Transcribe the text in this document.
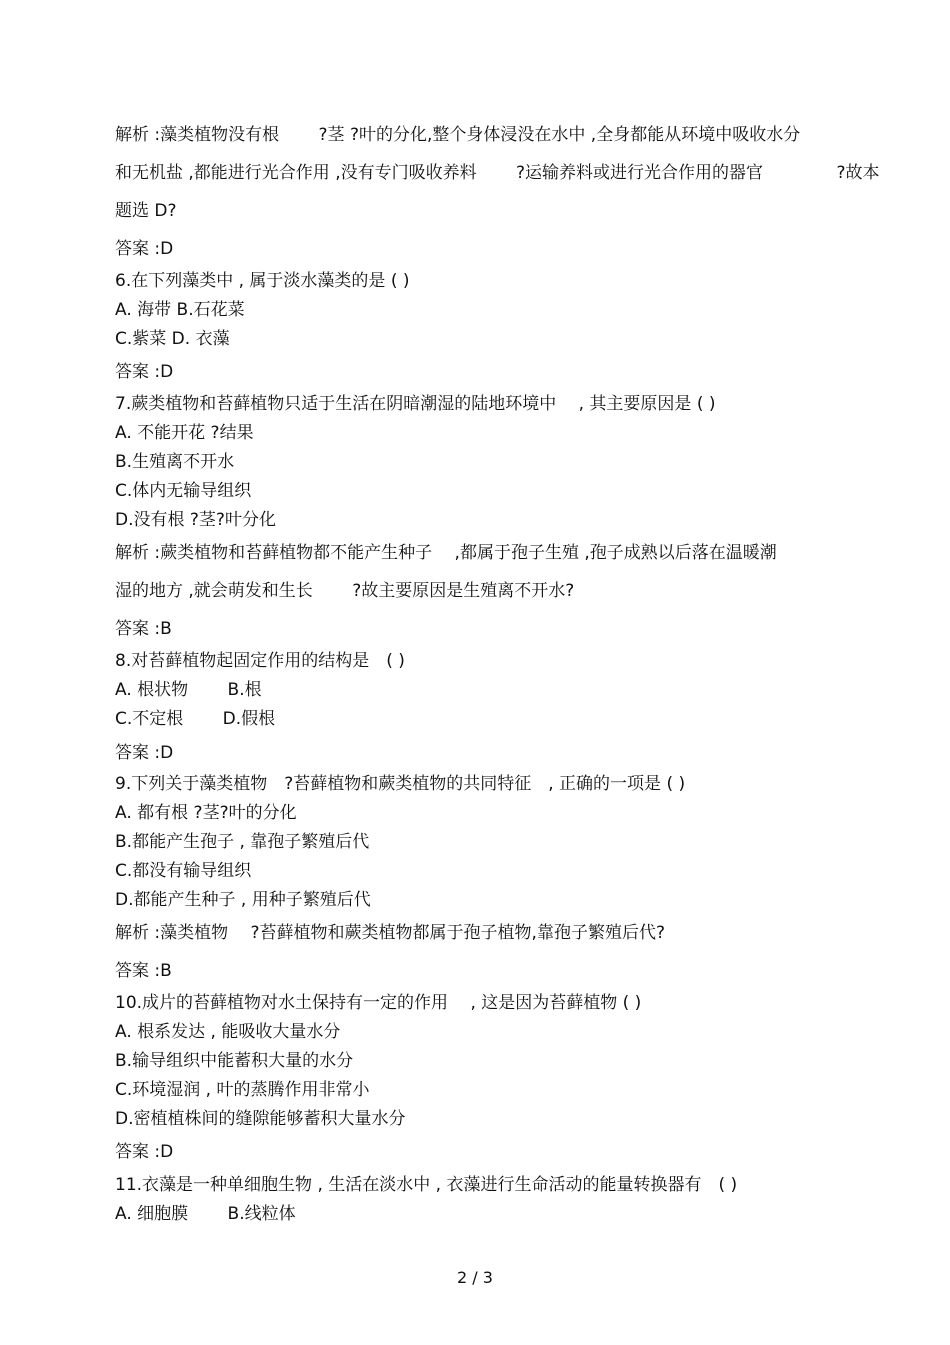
解析 :藻类植物没有根　　 ?茎 ?叶的分化,整个身体浸没在水中 ,全身都能从环境中吸收水分
和无机盐 ,都能进行光合作用 ,没有专门吸收养料　　 ?运输养料或进行光合作用的器官　　　　 ?故本
题选 D?
答案 :D
6.在下列藻类中 , 属于淡水藻类的是 ( )
A. 海带 B.石花菜
C.紫菜 D. 衣藻
答案 :D
7.蕨类植物和苔藓植物只适于生活在阴暗潮湿的陆地环境中　 , 其主要原因是 ( )
A. 不能开花 ?结果
B.生殖离不开水
C.体内无输导组织
D.没有根 ?茎?叶分化
解析 :蕨类植物和苔藓植物都不能产生种子　 ,都属于孢子生殖 ,孢子成熟以后落在温暖潮
湿的地方 ,就会萌发和生长　　 ?故主要原因是生殖离不开水?
答案 :B
8.对苔藓植物起固定作用的结构是　( )
A. 根状物　　 B.根
C.不定根　　 D.假根
答案 :D
9.下列关于藻类植物　?苔藓植物和蕨类植物的共同特征　, 正确的一项是 ( )
A. 都有根 ?茎?叶的分化
B.都能产生孢子 , 靠孢子繁殖后代
C.都没有输导组织
D.都能产生种子 , 用种子繁殖后代
解析 :藻类植物　 ?苔藓植物和蕨类植物都属于孢子植物,靠孢子繁殖后代?
答案 :B
10.成片的苔藓植物对水土保持有一定的作用　 , 这是因为苔藓植物 ( )
A. 根系发达 , 能吸收大量水分
B.输导组织中能蓄积大量的水分
C.环境湿润 , 叶的蒸腾作用非常小
D.密植植株间的缝隙能够蓄积大量水分
答案 :D
11.衣藻是一种单细胞生物 , 生活在淡水中 , 衣藻进行生命活动的能量转换器有　( )
A. 细胞膜　　 B.线粒体
2 / 3
